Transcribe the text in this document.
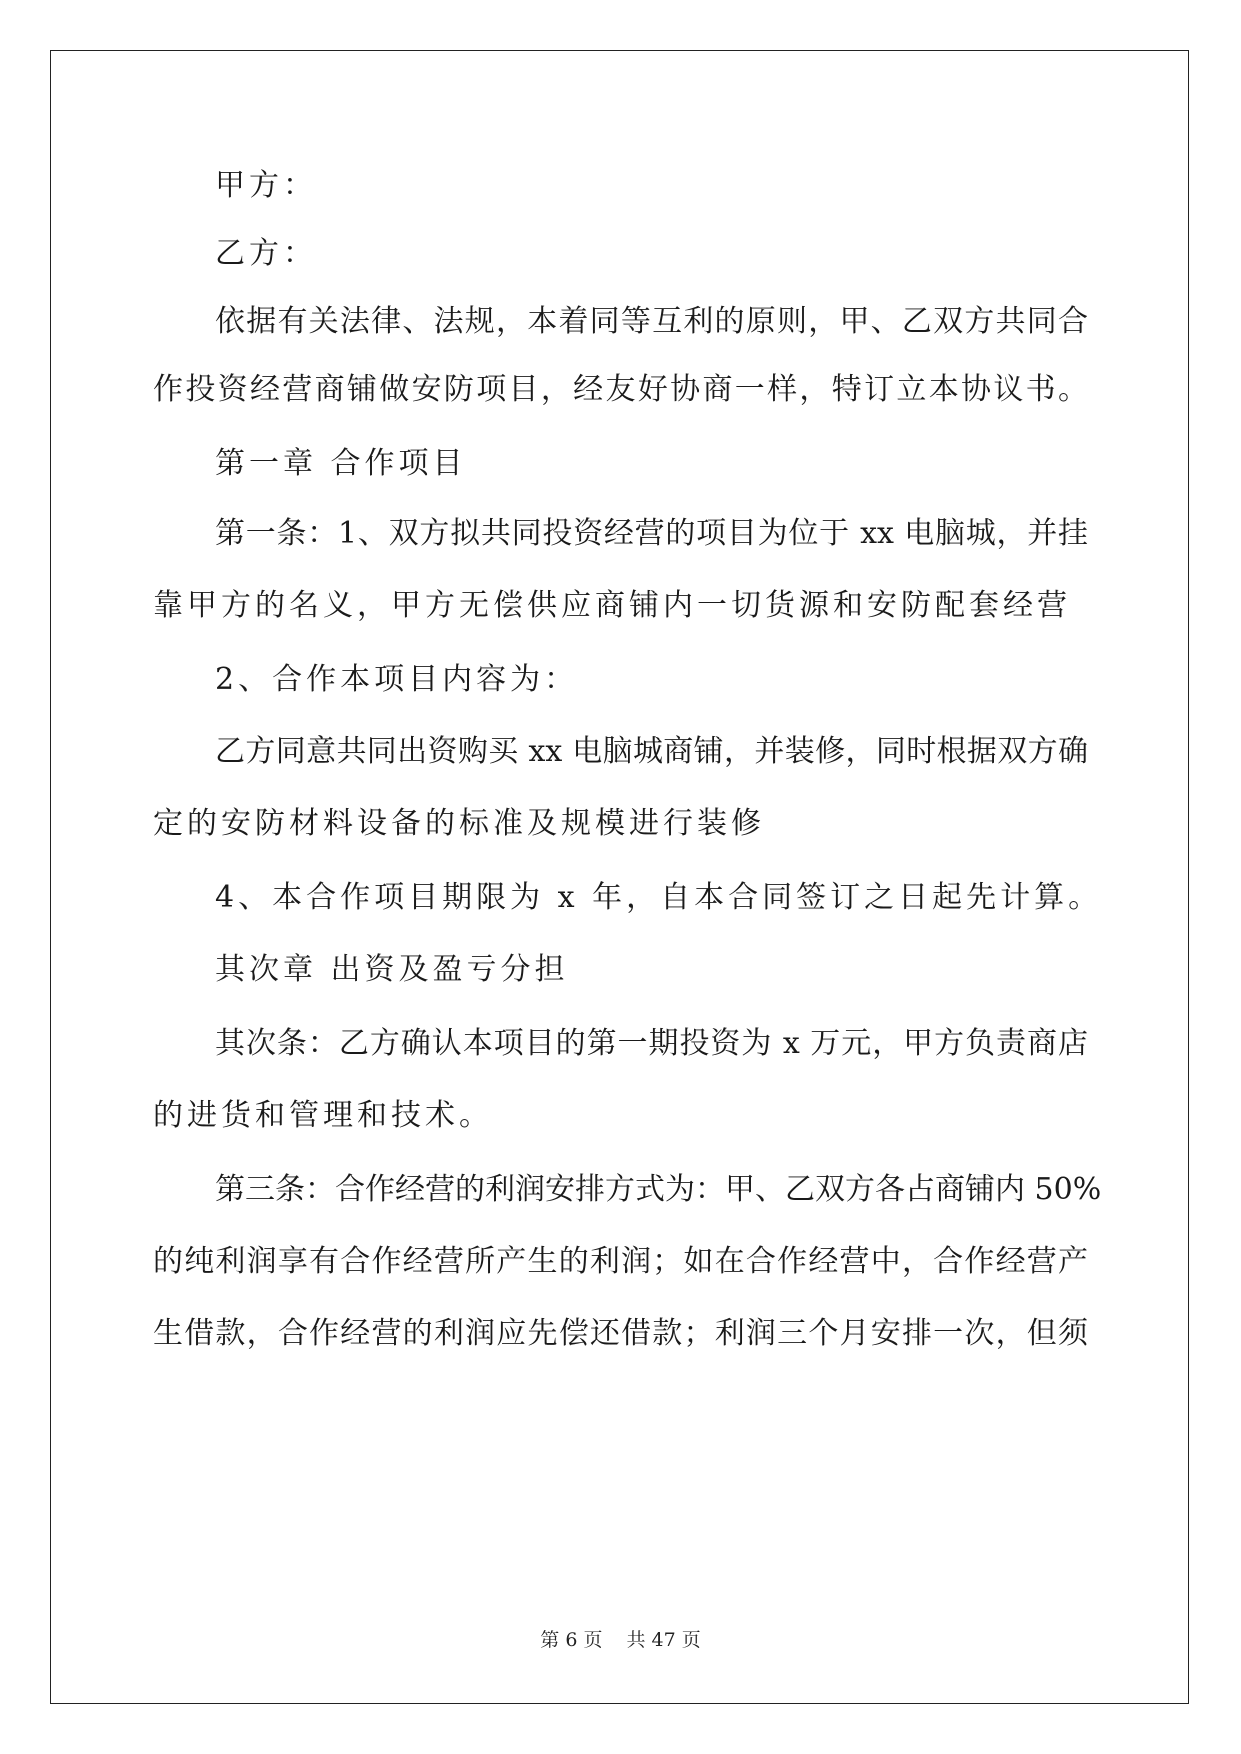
甲方：
乙方：
依据有关法律、法规，本着同等互利的原则，甲、乙双方共同合
作投资经营商铺做安防项目，经友好协商一样，特订立本协议书。
第一章 合作项目
第一条：1、双方拟共同投资经营的项目为位于 xx 电脑城，并挂
靠甲方的名义，甲方无偿供应商铺内一切货源和安防配套经营
2、合作本项目内容为：
乙方同意共同出资购买 xx 电脑城商铺，并装修，同时根据双方确
定的安防材料设备的标准及规模进行装修
4、本合作项目期限为 x 年，自本合同签订之日起先计算。
其次章 出资及盈亏分担
其次条：乙方确认本项目的第一期投资为 x 万元，甲方负责商店
的进货和管理和技术。
第三条：合作经营的利润安排方式为：甲、乙双方各占商铺内 50%
的纯利润享有合作经营所产生的利润；如在合作经营中，合作经营产
生借款，合作经营的利润应先偿还借款；利润三个月安排一次，但须
第 6 页 共 47 页
